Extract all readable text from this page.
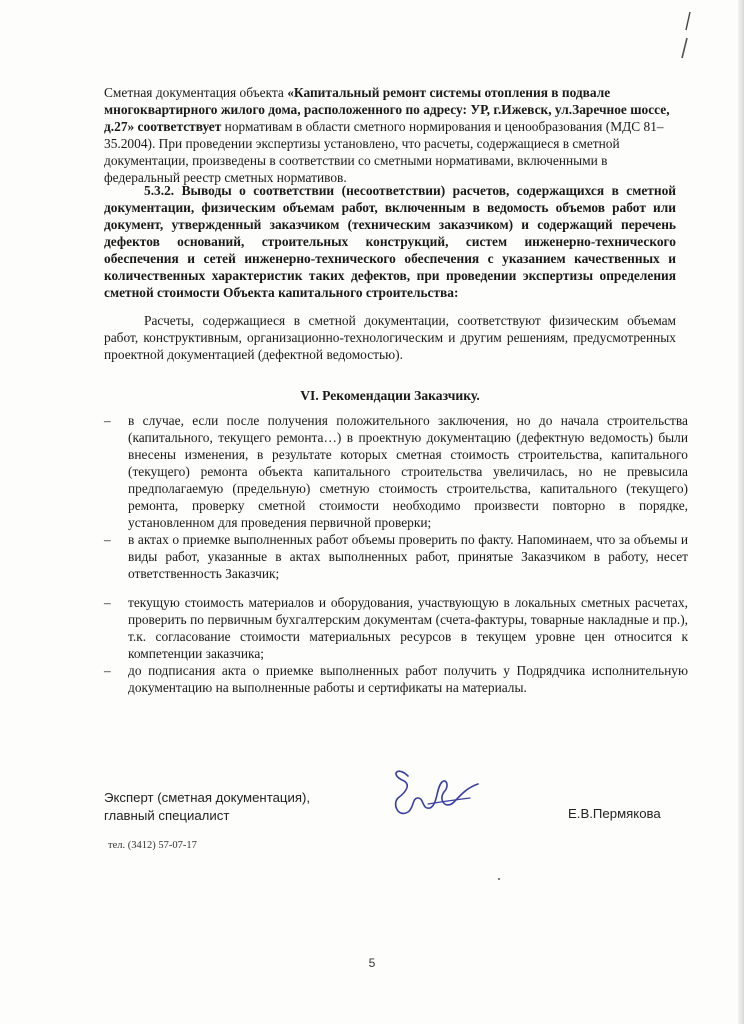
Сметная документация объекта «Капитальный ремонт системы отопления в подвале многоквартирного жилого дома, расположенного по адресу: УР, г.Ижевск, ул.Заречное шоссе, д.27» соответствует нормативам в области сметного нормирования и ценообразования (МДС 81–35.2004). При проведении экспертизы установлено, что расчеты, содержащиеся в сметной документации, произведены в соответствии со сметными нормативами, включенными в федеральный реестр сметных нормативов.
5.3.2. Выводы о соответствии (несоответствии) расчетов, содержащихся в сметной документации, физическим объемам работ, включенным в ведомость объемов работ или документ, утвержденный заказчиком (техническим заказчиком) и содержащий перечень дефектов оснований, строительных конструкций, систем инженерно-технического обеспечения и сетей инженерно-технического обеспечения с указанием качественных и количественных характеристик таких дефектов, при проведении экспертизы определения сметной стоимости Объекта капитального строительства:
Расчеты, содержащиеся в сметной документации, соответствуют физическим объемам работ, конструктивным, организационно-технологическим и другим решениям, предусмотренных проектной документацией (дефектной ведомостью).
VI. Рекомендации Заказчику.
– в случае, если после получения положительного заключения, но до начала строительства (капитального, текущего ремонта…) в проектную документацию (дефектную ведомость) были внесены изменения, в результате которых сметная стоимость строительства, капитального (текущего) ремонта объекта капитального строительства увеличилась, но не превысила предполагаемую (предельную) сметную стоимость строительства, капитального (текущего) ремонта, проверку сметной стоимости необходимо произвести повторно в порядке, установленном для проведения первичной проверки;
– в актах о приемке выполненных работ объемы проверить по факту. Напоминаем, что за объемы и виды работ, указанные в актах выполненных работ, принятые Заказчиком в работу, несет ответственность Заказчик;
– текущую стоимость материалов и оборудования, участвующую в локальных сметных расчетах, проверить по первичным бухгалтерским документам (счета-фактуры, товарные накладные и пр.), т.к. согласование стоимости материальных ресурсов в текущем уровне цен относится к компетенции заказчика;
– до подписания акта о приемке выполненных работ получить у Подрядчика исполнительную документацию на выполненные работы и сертификаты на материалы.
Эксперт (сметная документация),
главный специалист	Е.В.Пермякова
тел. (3412) 57-07-17
5
